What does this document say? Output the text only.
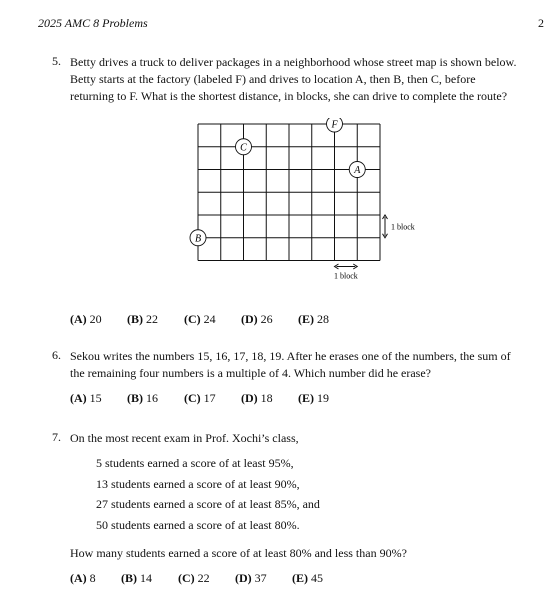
2025 AMC 8 Problems	2
5. Betty drives a truck to deliver packages in a neighborhood whose street map is shown below.
Betty starts at the factory (labeled F) and drives to location A, then B, then C, before
returning to F. What is the shortest distance, in blocks, she can drive to complete the route?
F
C
A
B
1 block
1 block
(A) 20 (B) 22 (C) 24 (D) 26 (E) 28
6. Sekou writes the numbers 15, 16, 17, 18, 19. After he erases one of the numbers, the sum of
the remaining four numbers is a multiple of 4. Which number did he erase?
(A) 15 (B) 16 (C) 17 (D) 18 (E) 19
7. On the most recent exam in Prof. Xochi’s class,
5 students earned a score of at least 95%,
13 students earned a score of at least 90%,
27 students earned a score of at least 85%, and
50 students earned a score of at least 80%.
How many students earned a score of at least 80% and less than 90%?
(A) 8 (B) 14 (C) 22 (D) 37 (E) 45
